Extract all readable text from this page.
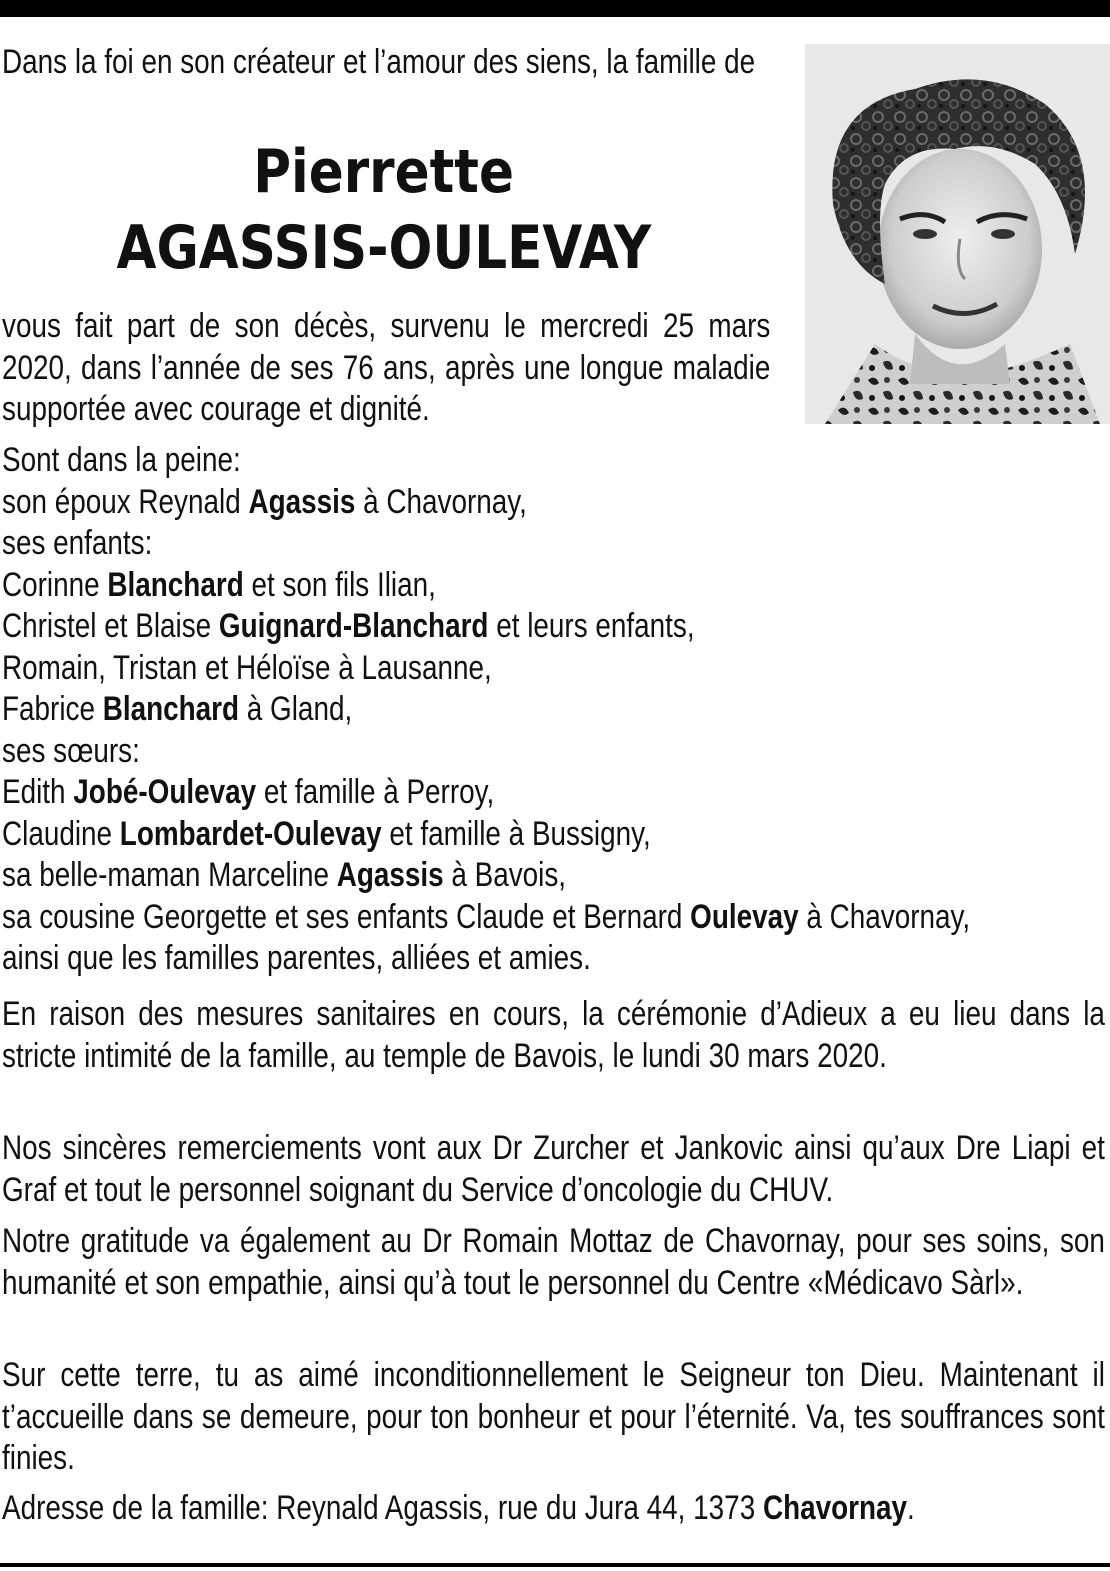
Dans la foi en son créateur et l’amour des siens, la famille de

Pierrette
AGASSIS-OULEVAY

vous fait part de son décès, survenu le mercredi 25 mars 2020, dans l’année de ses 76 ans, après une longue maladie supportée avec courage et dignité.

Sont dans la peine:

son époux Reynald Agassis à Chavornay,

ses enfants:

Corinne Blanchard et son fils Ilian,

Christel et Blaise Guignard-Blanchard et leurs enfants,

Romain, Tristan et Héloïse à Lausanne,

Fabrice Blanchard à Gland,

ses sœurs:

Edith Jobé-Oulevay et famille à Perroy,

Claudine Lombardet-Oulevay et famille à Bussigny,

sa belle-maman Marceline Agassis à Bavois,

sa cousine Georgette et ses enfants Claude et Bernard Oulevay à Chavornay,

ainsi que les familles parentes, alliées et amies.

En raison des mesures sanitaires en cours, la cérémonie d’Adieux a eu lieu dans la stricte intimité de la famille, au temple de Bavois, le lundi 30 mars 2020.

Nos sincères remerciements vont aux Dr Zurcher et Jankovic ainsi qu’aux Dre Liapi et Graf et tout le personnel soignant du Service d’oncologie du CHUV.

Notre gratitude va également au Dr Romain Mottaz de Chavornay, pour ses soins, son humanité et son empathie, ainsi qu’à tout le personnel du Centre «Médicavo Sàrl».

Sur cette terre, tu as aimé inconditionnellement le Seigneur ton Dieu. Maintenant il t’accueille dans se demeure, pour ton bonheur et pour l’éternité. Va, tes souffrances sont finies.

Adresse de la famille: Reynald Agassis, rue du Jura 44, 1373 Chavornay.
